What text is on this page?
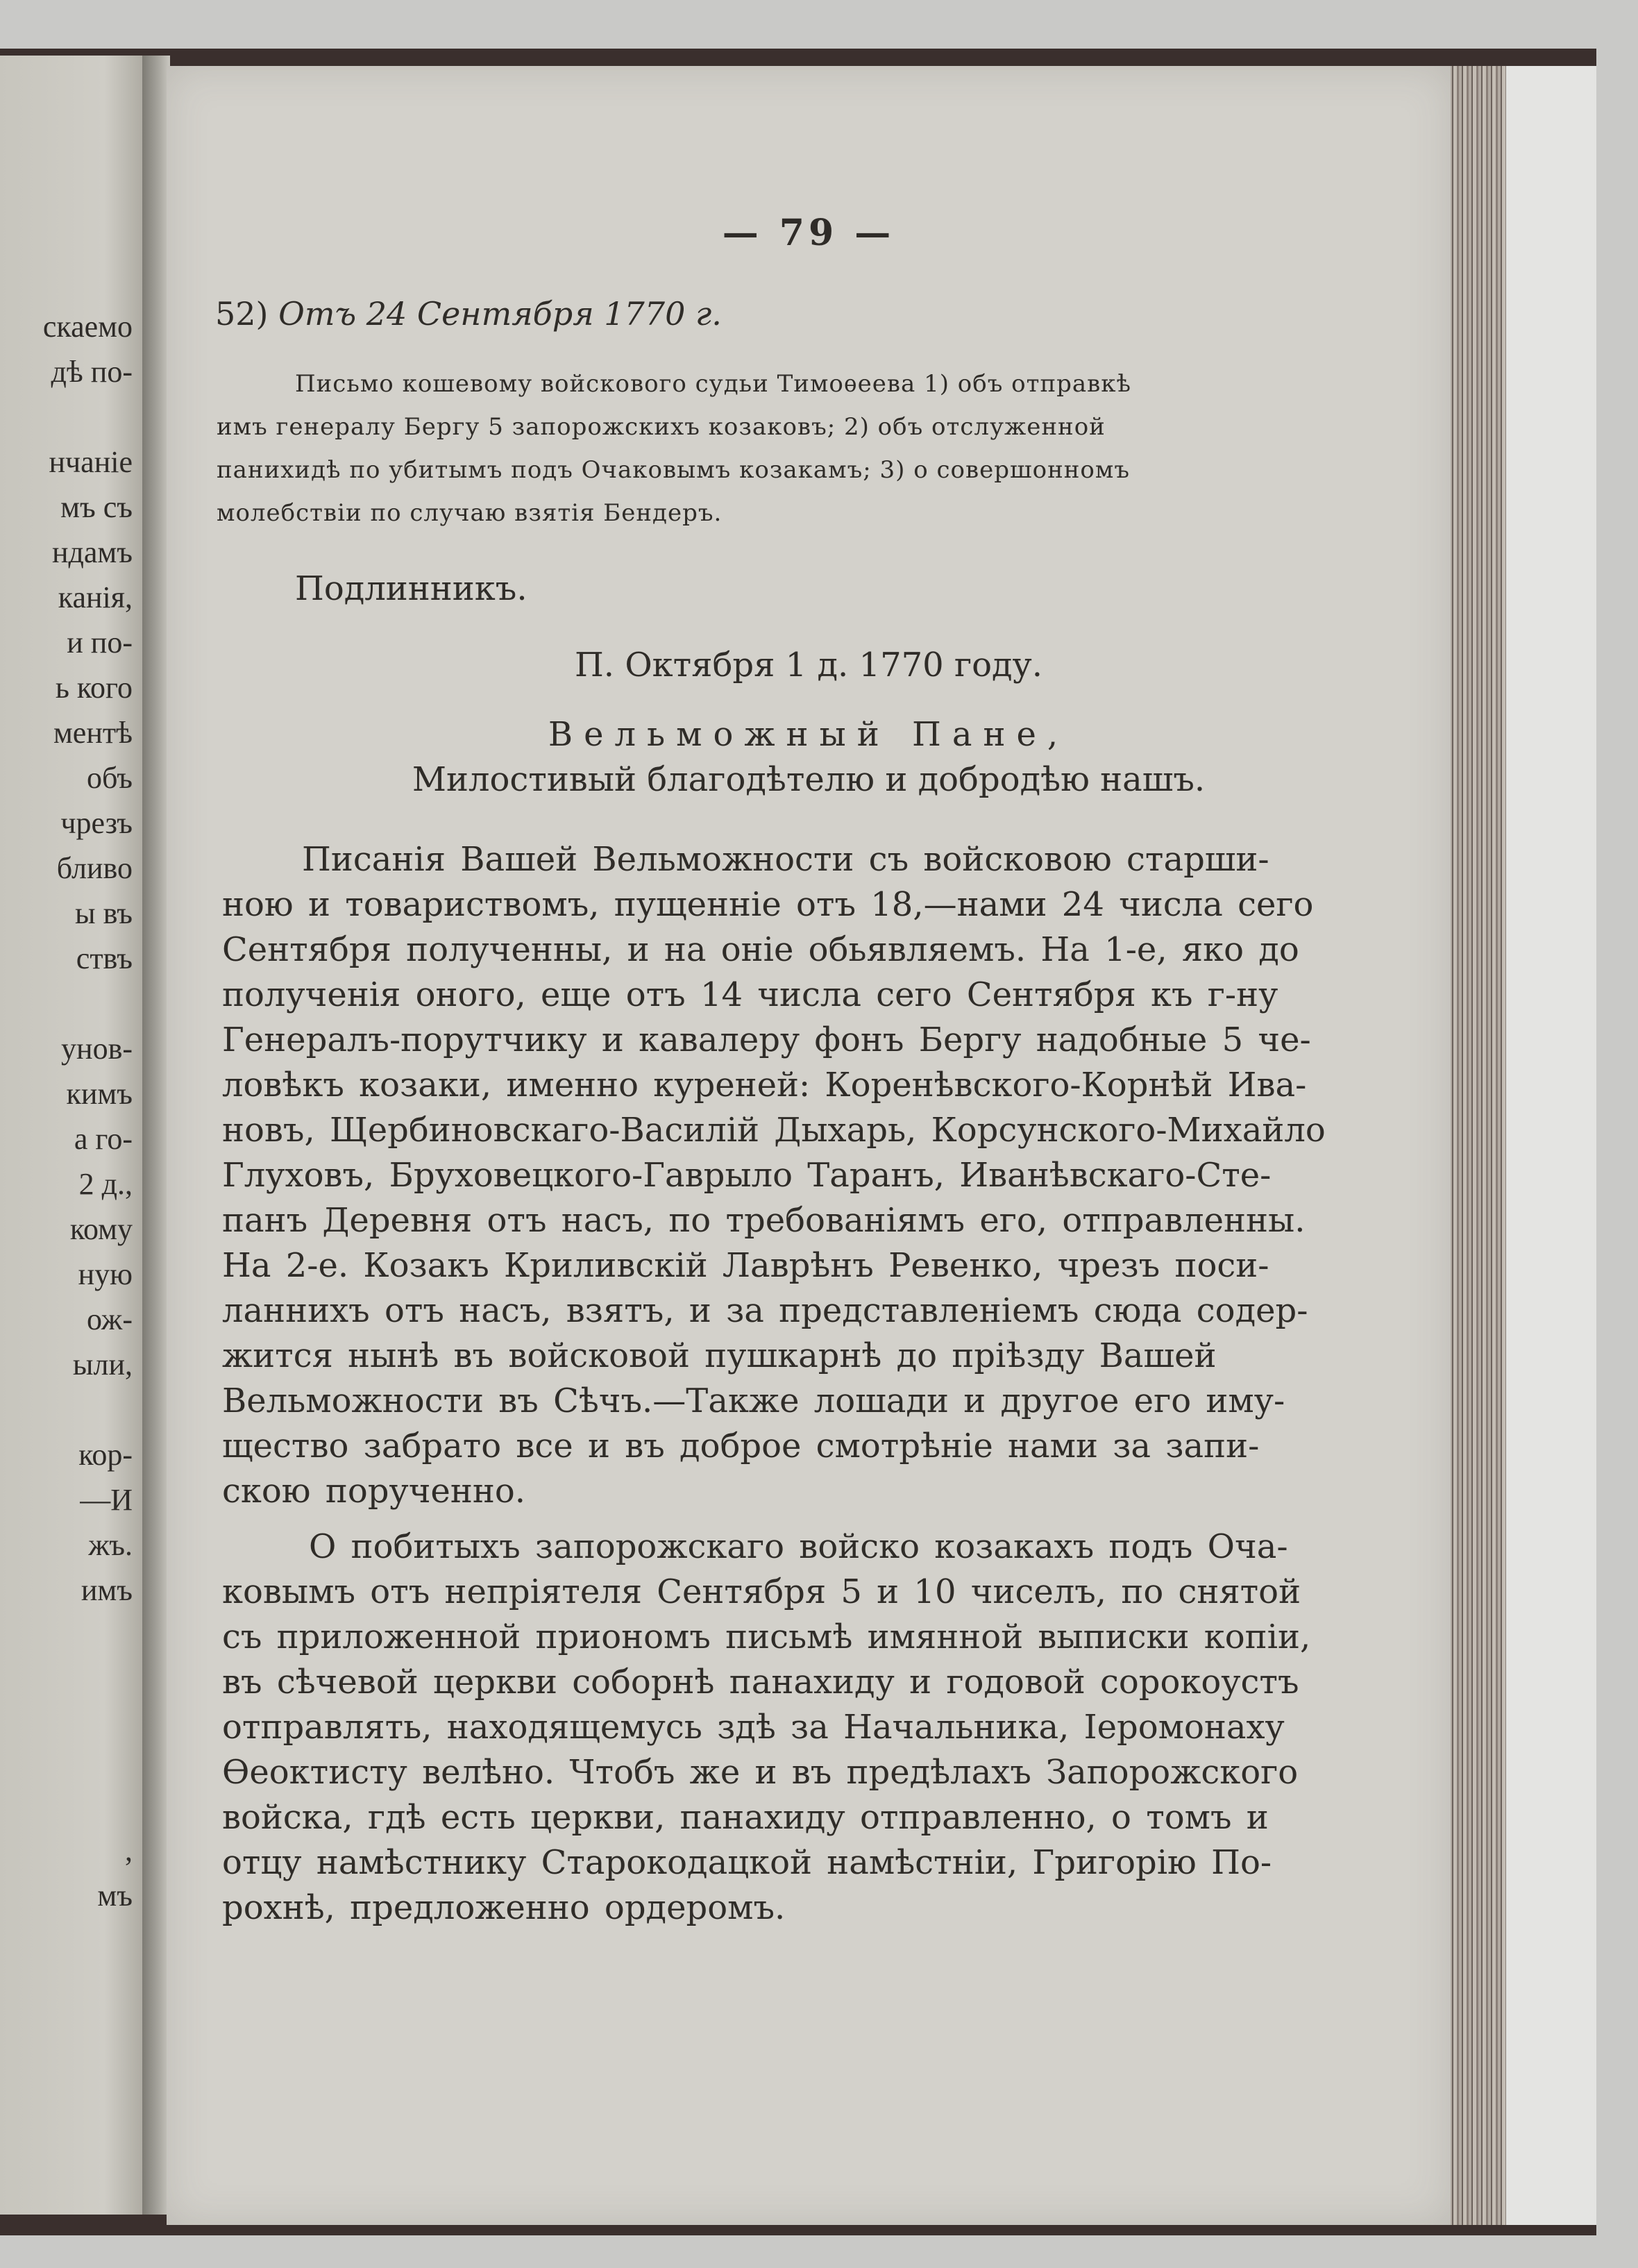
скаемо
дѣ по-
нчаніе
мъ съ
ндамъ
канія,
и по-
ь кого
ментѣ
объ
чрезъ
бливо
ы въ
ствъ
унов-
кимъ
а го-
2 д.,
кому
ную
ож-
ыли,
кор-
—И
жъ.
имъ
,
мъ
— 79 —
52) Отъ 24 Сентября 1770 г.
Письмо кошевому войскового судьи Тимоѳеева 1) объ отправкѣ
имъ генералу Бергу 5 запорожскихъ козаковъ; 2) объ отслуженной
панихидѣ по убитымъ подъ Очаковымъ козакамъ; 3) о совершонномъ
молебствіи по случаю взятія Бендеръ.
Подлинникъ.
П. Октября 1 д. 1770 году.
Вельможный Пане,
Милостивый благодѣтелю и добродѣю нашъ.
Писанія Вашей Вельможности съ войсковою старши-
ною и товариствомъ, пущенніе отъ 18,—нами 24 числа сего
Сентября полученны, и на оніе обьявляемъ. На 1-е, яко до
полученія оного, еще отъ 14 числа сего Сентября къ г-ну
Генералъ-порутчику и кавалеру фонъ Бергу надобные 5 че-
ловѣкъ козаки, именно куреней: Коренѣвского-Корнѣй Ива-
новъ, Щербиновскаго-Василій Дыхарь, Корсунского-Михайло
Глуховъ, Бруховецкого-Гаврыло Таранъ, Иванѣвскаго-Сте-
панъ Деревня отъ насъ, по требованіямъ его, отправленны.
На 2-е. Козакъ Криливскій Лаврѣнъ Ревенко, чрезъ поси-
ланнихъ отъ насъ, взятъ, и за представленіемъ сюда содер-
жится нынѣ въ войсковой пушкарнѣ до пріѣзду Вашей
Вельможности въ Сѣчъ.—Также лошади и другое его иму-
щество забрато все и въ доброе смотрѣніе нами за запи-
скою порученно.
О побитыхъ запорожскаго войско козакахъ подъ Оча-
ковымъ отъ непріятеля Сентября 5 и 10 чиселъ, по снятой
съ приложенной приономъ письмѣ имянной выписки копіи,
въ сѣчевой церкви соборнѣ панахиду и годовой сорокоустъ
отправлять, находящемусь здѣ за Начальника, Іеромонаху
Ѳеоктисту велѣно. Чтобъ же и въ предѣлахъ Запорожского
войска, гдѣ есть церкви, панахиду отправленно, о томъ и
отцу намѣстнику Старокодацкой намѣстніи, Григорію По-
рохнѣ, предложенно ордеромъ.
